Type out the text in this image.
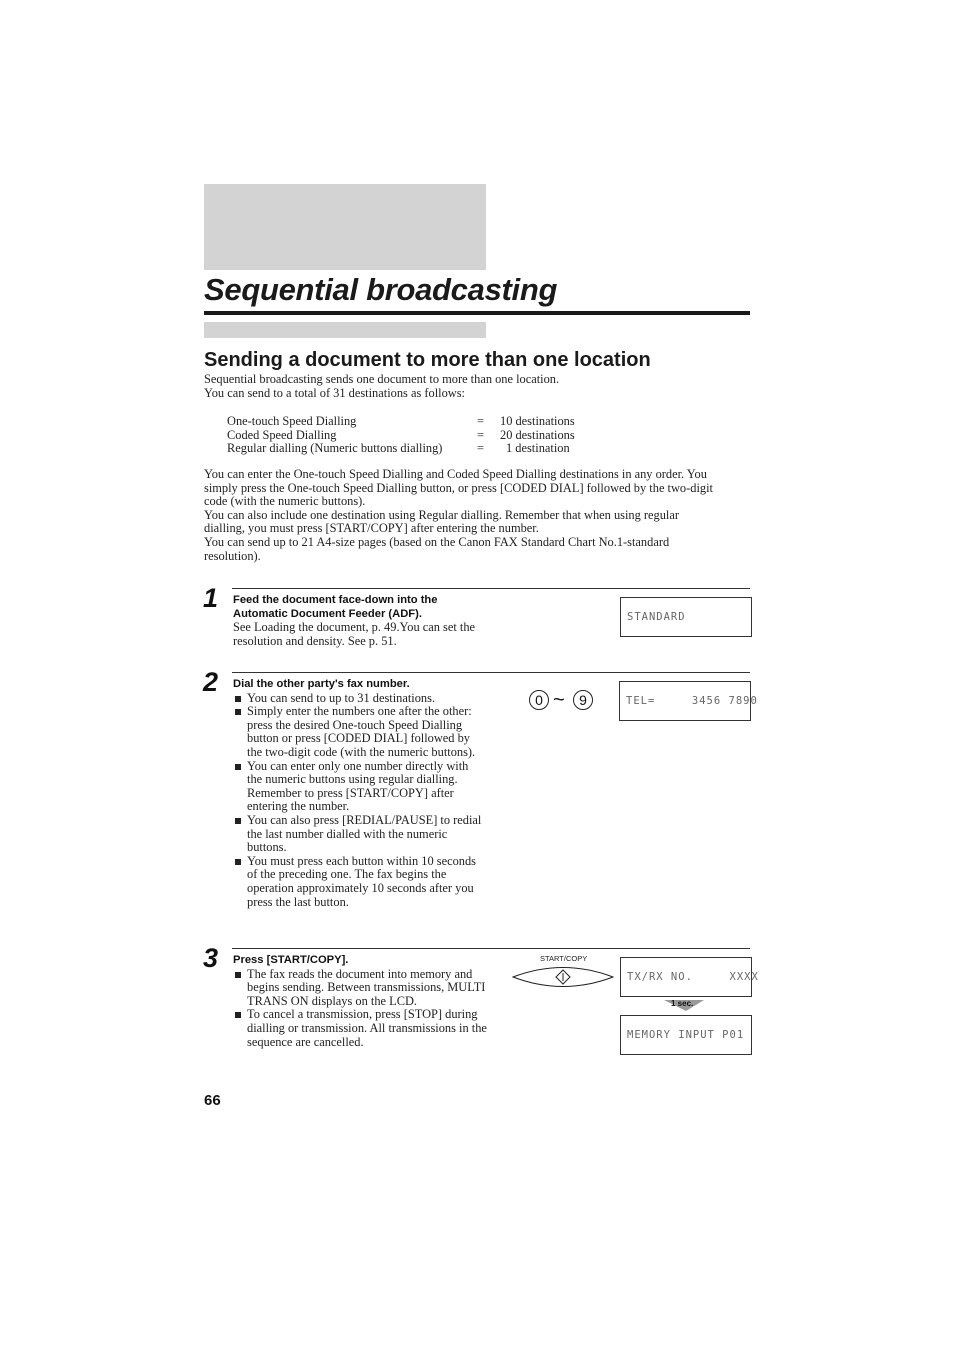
Sequential broadcasting
Sending a document to more than one location
Sequential broadcasting sends one document to more than one location.
You can send to a total of 31 destinations as follows:
One-touch Speed Dialling	= 10 destinations
Coded Speed Dialling	= 20 destinations
Regular dialling (Numeric buttons dialling)	=	1 destination
You can enter the One-touch Speed Dialling and Coded Speed Dialling destinations in any order. You
simply press the One-touch Speed Dialling button, or press [CODED DIAL] followed by the two-digit
code (with the numeric buttons).
You can also include one destination using Regular dialling. Remember that when using regular
dialling, you must press [START/COPY] after entering the number.
You can send up to 21 A4-size pages (based on the Canon FAX Standard Chart No.1-standard
resolution).
1 Feed the document face-down into the
Automatic Document Feeder (ADF).
See Loading the document, p. 49.You can set the
resolution and density. See p. 51.
STANDARD
2 Dial the other party's fax number.
You can send to up to 31 destinations.
Simply enter the numbers one after the other:
press the desired One-touch Speed Dialling
button or press [CODED DIAL] followed by
the two-digit code (with the numeric buttons).
You can enter only one number directly with
the numeric buttons using regular dialling.
Remember to press [START/COPY] after
entering the number.
You can also press [REDIAL/PAUSE] to redial
the last number dialled with the numeric
buttons.
You must press each button within 10 seconds
of the preceding one. The fax begins the
operation approximately 10 seconds after you
press the last button.
0 ~	9	TEL=     3456 7890
3 Press [START/COPY].
The fax reads the document into memory and
begins sending. Between transmissions, MULTI
TRANS ON displays on the LCD.
To cancel a transmission, press [STOP] during
dialling or transmission. All transmissions in the
sequence are cancelled.
START/COPY
TX/RX NO.     XXXX
1 sec.
MEMORY INPUT P01
66
